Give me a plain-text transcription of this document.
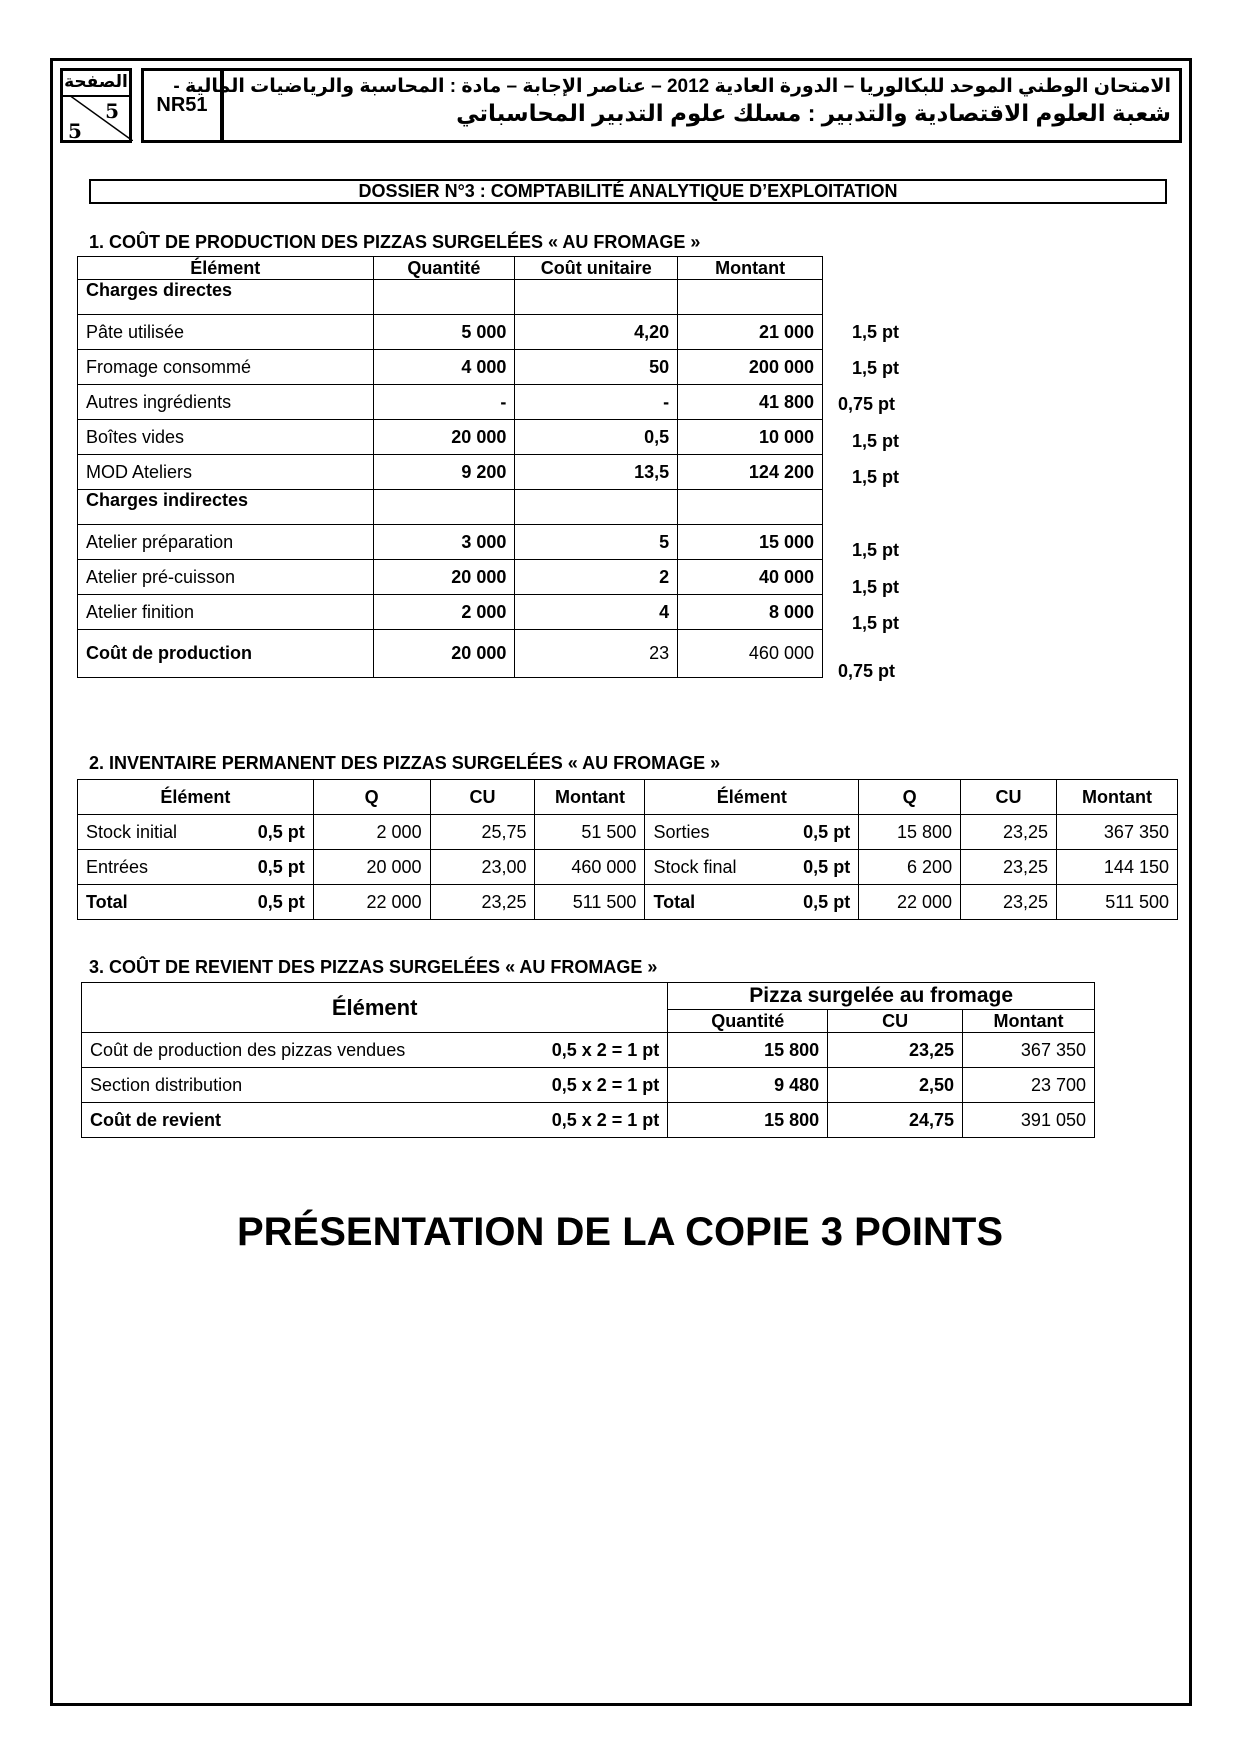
الصفحة
5
5
NR51
الامتحان الوطني الموحد للبكالوريا – الدورة العادية 2012 – عناصر الإجابة – مادة : المحاسبة والرياضيات المالية -
شعبة العلوم الاقتصادية والتدبير : مسلك علوم التدبير المحاسباتي
DOSSIER N°3 : COMPTABILITÉ ANALYTIQUE D’EXPLOITATION
1. COÛT DE PRODUCTION DES PIZZAS SURGELÉES « AU FROMAGE »
Élément	Quantité	Coût unitaire	Montant
Charges directes			
Pâte utilisée	5 000	4,20	21 000
Fromage consommé	4 000	50	200 000
Autres ingrédients	-	-	41 800
Boîtes vides	20 000	0,5	10 000
MOD Ateliers	9 200	13,5	124 200
Charges indirectes			
Atelier préparation	3 000	5	15 000
Atelier pré-cuisson	20 000	2	40 000
Atelier finition	2 000	4	8 000
Coût de production	20 000	23	460 000
1,5 pt
1,5 pt
0,75 pt
1,5 pt
1,5 pt
1,5 pt
1,5 pt
1,5 pt
0,75 pt
2. INVENTAIRE PERMANENT DES PIZZAS SURGELÉES « AU FROMAGE »
Élément	Q	CU	Montant	Élément	Q	CU	Montant
Stock initial 0,5 pt	2 000	25,75	51 500	Sorties 0,5 pt	15 800	23,25	367 350
Entrées 0,5 pt	20 000	23,00	460 000	Stock final 0,5 pt	6 200	23,25	144 150
Total 0,5 pt	22 000	23,25	511 500	Total 0,5 pt	22 000	23,25	511 500
3. COÛT DE REVIENT DES PIZZAS SURGELÉES « AU FROMAGE »
Élément	Pizza surgelée au fromage		
	Quantité	CU	Montant
Coût de production des pizzas vendues 0,5 x 2 = 1 pt	15 800	23,25	367 350
Section distribution 0,5 x 2 = 1 pt	9 480	2,50	23 700
Coût de revient 0,5 x 2 = 1 pt	15 800	24,75	391 050
PRÉSENTATION DE LA COPIE 3 POINTS
